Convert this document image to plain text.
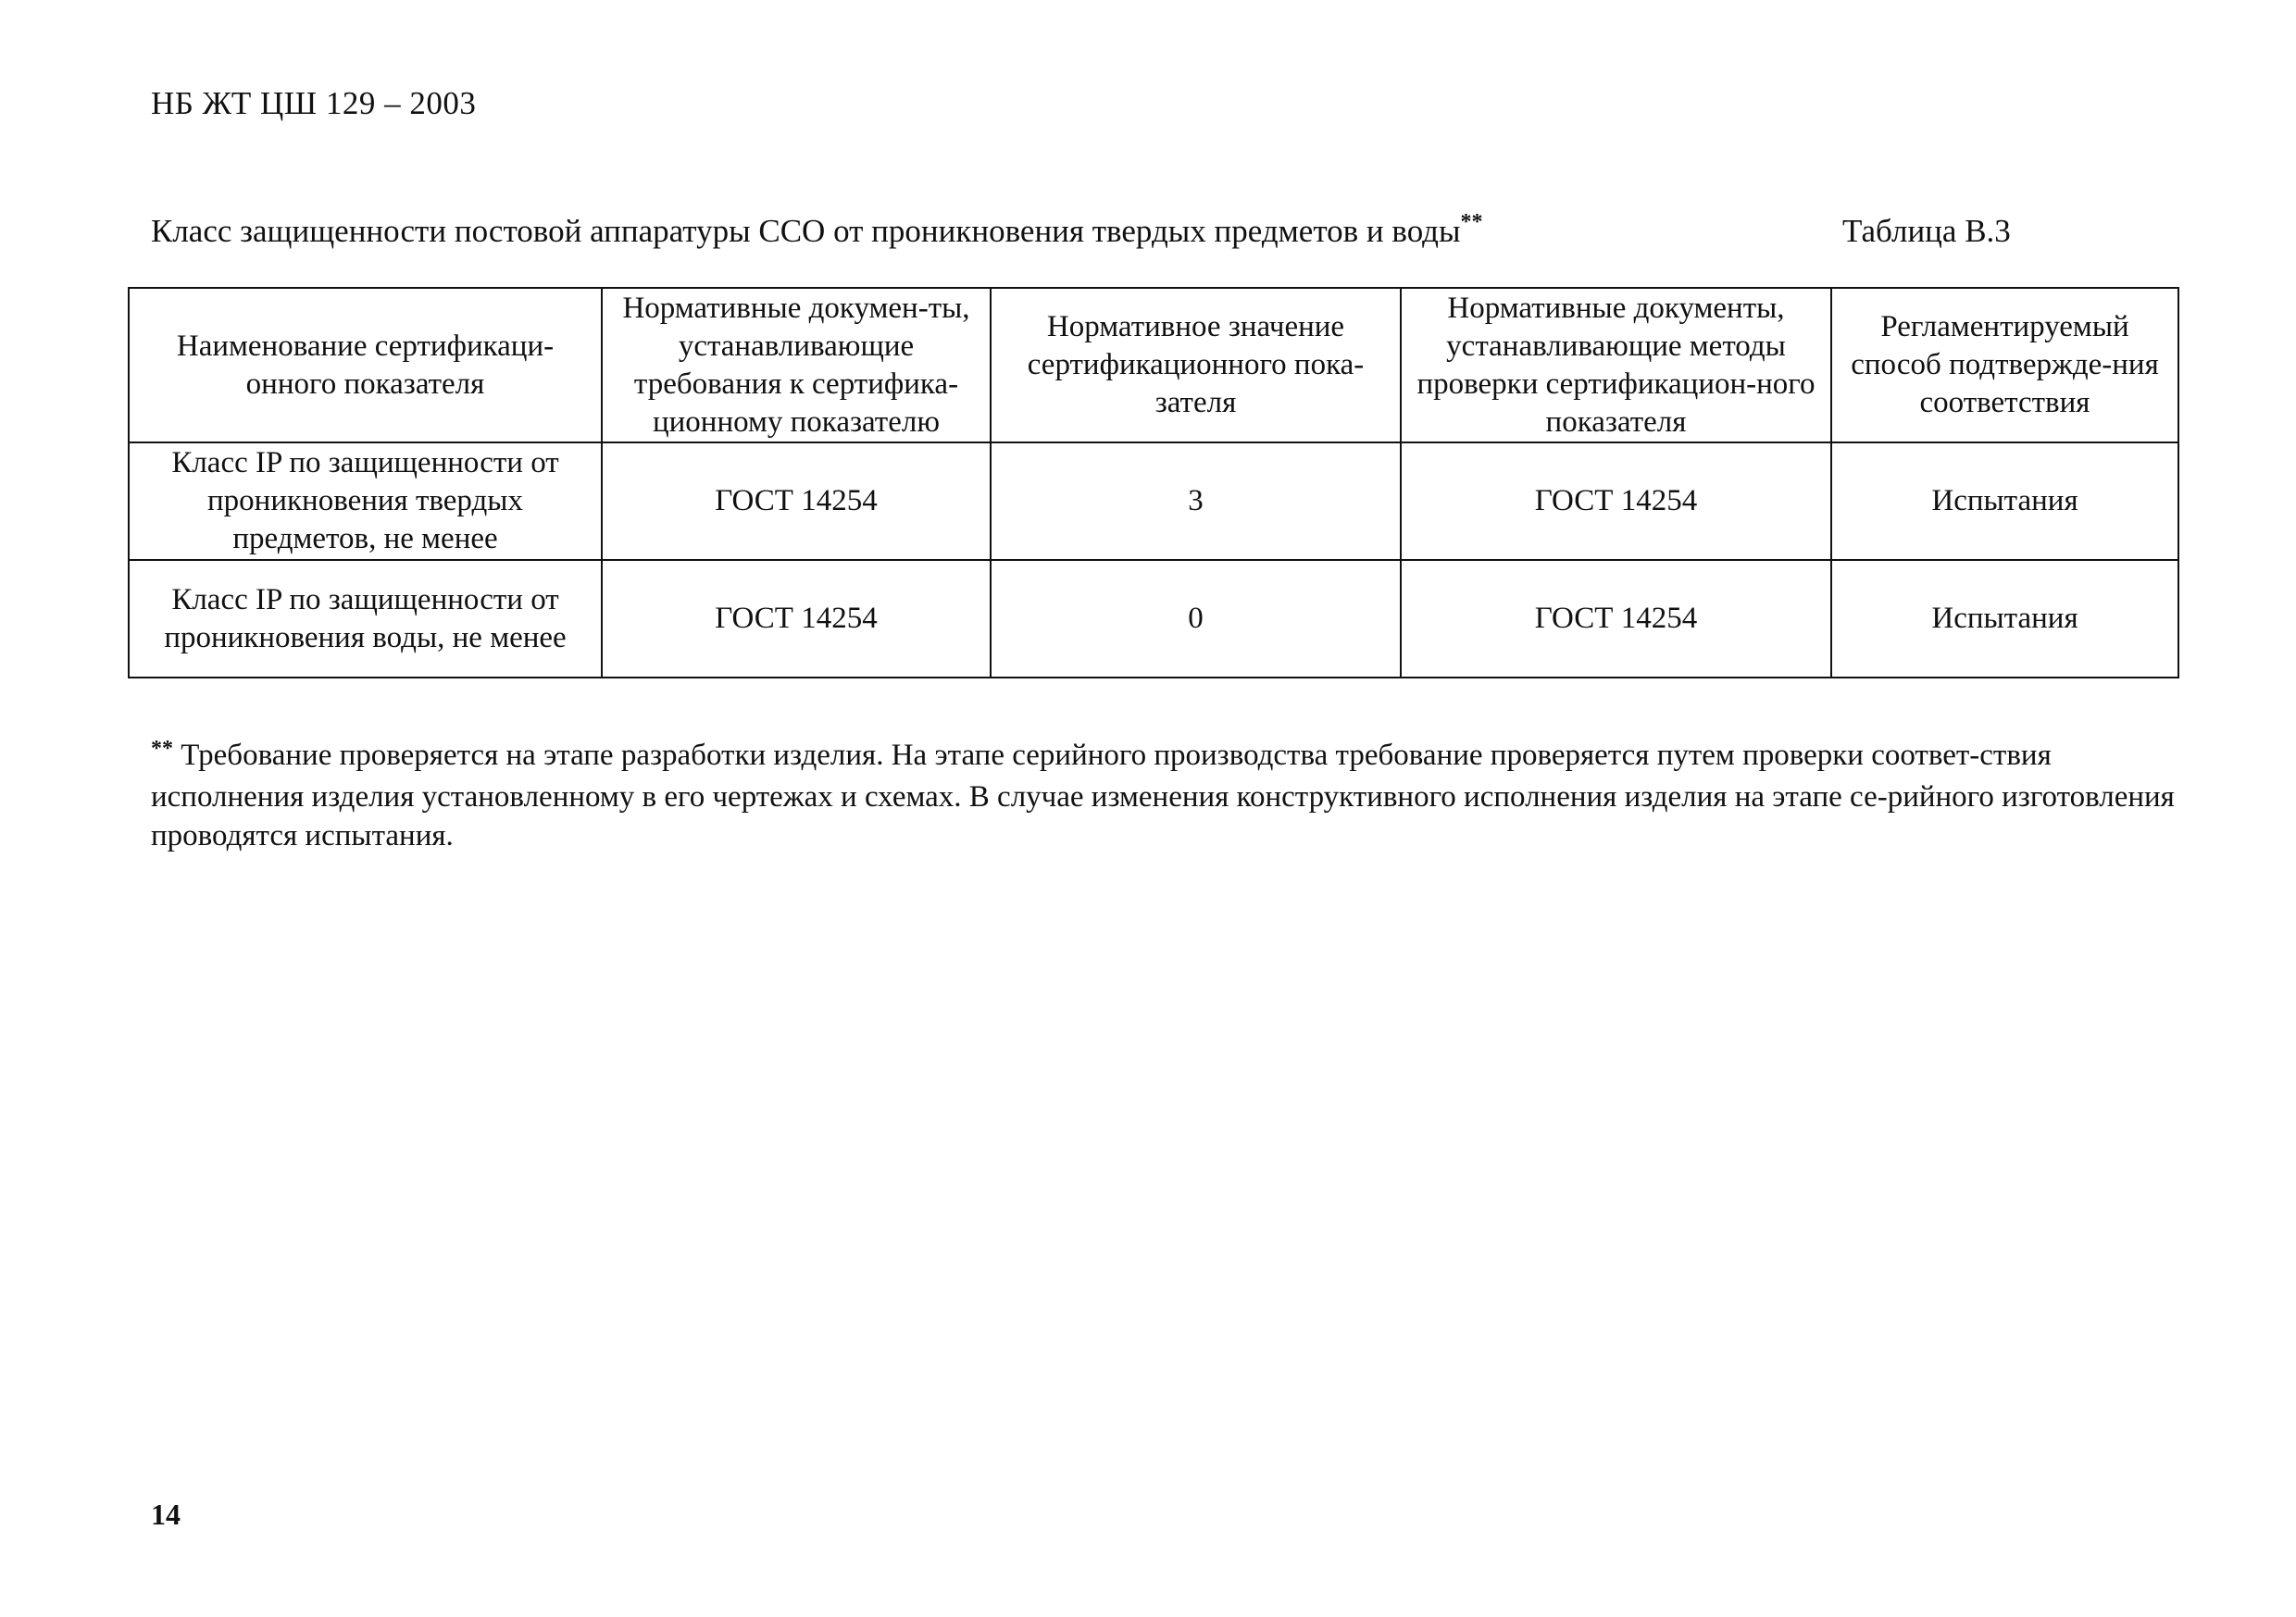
НБ ЖТ ЦШ 129 – 2003
Класс защищенности постовой аппаратуры ССО от проникновения твердых предметов и воды**	Таблица В.3
Наименование сертификаци-онного показателя	Нормативные докумен-ты, устанавливающие требования к сертифика-ционному показателю	Нормативное значение сертификационного пока-зателя	Нормативные документы, устанавливающие методы проверки сертификацион-ного показателя	Регламентируемый способ подтвержде-ния соответствия
Класс IP по защищенности от проникновения твердых предметов, не менее	ГОСТ 14254	3	ГОСТ 14254	Испытания
Класс IP по защищенности от проникновения воды, не менее	ГОСТ 14254	0	ГОСТ 14254	Испытания
** Требование проверяется на этапе разработки изделия. На этапе серийного производства требование проверяется путем проверки соответ-ствия исполнения изделия установленному в его чертежах и схемах. В случае изменения конструктивного исполнения изделия на этапе се-рийного изготовления проводятся испытания.
14
